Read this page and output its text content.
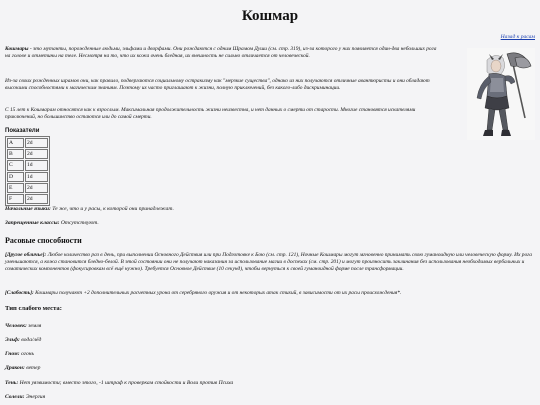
Кошмар
Назад к расам

Кошмары - это мутанты, порожденные людьми, эльфами и дворфами. Они рождаются с одним Шрамом Души (см. стр. 319), из-за которого у них появляется один-два небольших рога на голове и отметины на теле. Несмотря на то, что их кожа очень бледная, их внешность не сильно отличается от человеческой.

Из-за своих рожденных шрамов они, как правило, подвергаются социальному остракизму как "мерзкие существа", однако из них получаются отличные авантюристы и они обладают высокими способностями к магическим знаниям. Поэтому их часто приглашают к жизни, полную приключений, без какого-либо дискриминации.

С 15 лет к Кошмарам относятся как к взрослым. Максимальная продолжительность жизни неизвестна, и нет данных о смерти от старости. Многие становятся искателями приключений, но большинство остаются или до самой смерти.

Показатели

A	2d
B	2d
C	1d
D	1d
E	2d
F	2d

Начальные языки: Те же, что и у расы, к которой они принадлежат.

Запрещенные классы: Отсутствуют.

Расовые способности

[Другое обличье]: Любое количество раз в день, при выполнении Основного Действия или при Подготовке к Бою (см. стр. 121), Ночные Кошмары могут мгновенно принимать свою гуманоидную или человеческую форму. Их рога уменьшаются, а кожа становится бледно-белой. В этой состоянии они не получают наказания за использование магии в доспехах (см. стр. 201) и могут произносить заклинания без использования необходимых вербальных и соматических компонентов (фокусировкам всё ещё нужно). Требуется Основное Действие (10 секунд), чтобы вернуться к своей гуманоидной форме после трансформации.

[Слабость]: Кошмары получают +2 дополнительных расчетных урона от серебряного оружия и от некоторых атак стихий, в зависимости от их расы происхождения*.

Тип слабого места:

Человек: земля

Эльф: вода/лёд

Гном: огонь

Дракон: ветер

Тень: Нет уязвимости; вместо этого, -1 штраф к проверкам стойкости и Воли против Психа

Солели: Энергия
